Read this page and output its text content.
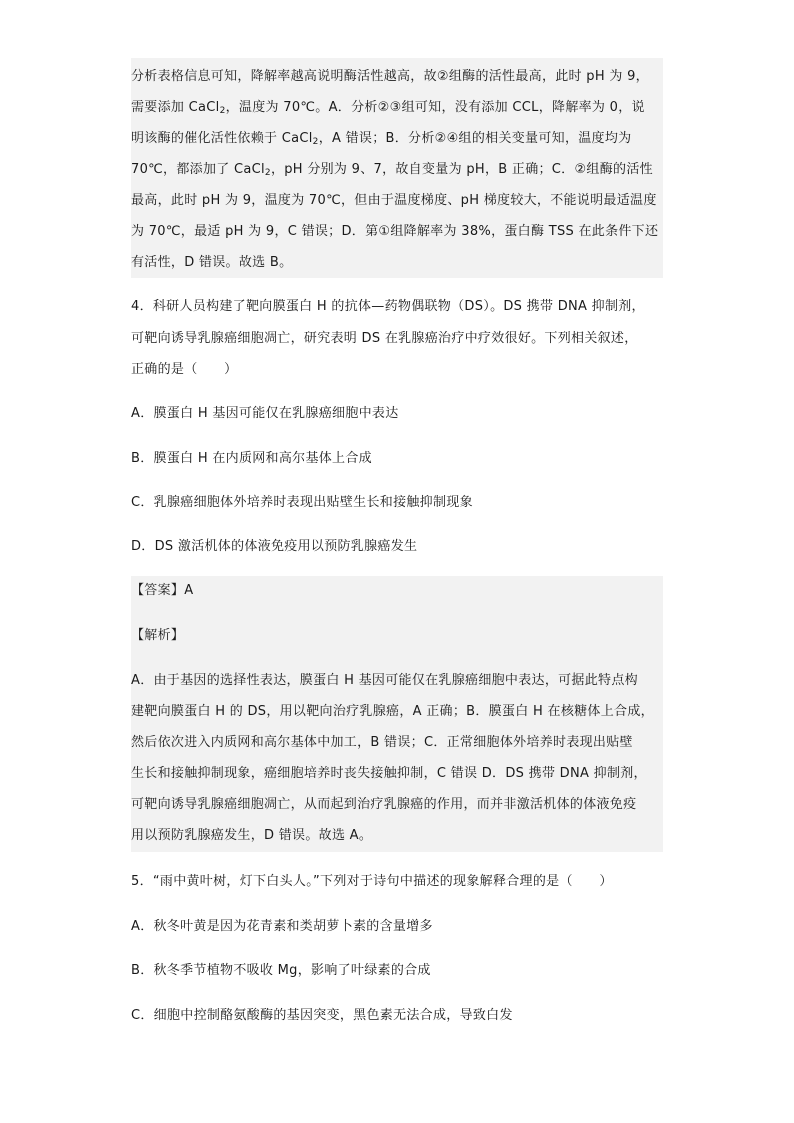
分析表格信息可知，降解率越高说明酶活性越高，故②组酶的活性最高，此时 pH 为 9，
需要添加 CaCl$_2$，温度为 70℃。A．分析②③组可知，没有添加 CCL，降解率为 0，说
明该酶的催化活性依赖于 CaCl$_2$，A 错误；B．分析②④组的相关变量可知，温度均为
70℃，都添加了 CaCl$_2$，pH 分别为 9、7，故自变量为 pH，B 正确；C．②组酶的活性
最高，此时 pH 为 9，温度为 70℃，但由于温度梯度、pH 梯度较大，不能说明最适温度
为 70℃，最适 pH 为 9，C 错误；D．第①组降解率为 38%，蛋白酶 TSS 在此条件下还
有活性，D 错误。故选 B。
4．科研人员构建了靶向膜蛋白 H 的抗体—药物偶联物（DS）。DS 携带 DNA 抑制剂，
可靶向诱导乳腺癌细胞凋亡，研究表明 DS 在乳腺癌治疗中疗效很好。下列相关叙述，
正确的是（　　）
A．膜蛋白 H 基因可能仅在乳腺癌细胞中表达
B．膜蛋白 H 在内质网和高尔基体上合成
C．乳腺癌细胞体外培养时表现出贴壁生长和接触抑制现象
D．DS 激活机体的体液免疫用以预防乳腺癌发生
【答案】A
【解析】
A．由于基因的选择性表达，膜蛋白 H 基因可能仅在乳腺癌细胞中表达，可据此特点构
建靶向膜蛋白 H 的 DS，用以靶向治疗乳腺癌，A 正确；B．膜蛋白 H 在核糖体上合成，
然后依次进入内质网和高尔基体中加工，B 错误；C．正常细胞体外培养时表现出贴壁
生长和接触抑制现象，癌细胞培养时丧失接触抑制，C 错误 D．DS 携带 DNA 抑制剂，
可靶向诱导乳腺癌细胞凋亡，从而起到治疗乳腺癌的作用，而并非激活机体的体液免疫
用以预防乳腺癌发生，D 错误。故选 A。
5．“雨中黄叶树，灯下白头人。”下列对于诗句中描述的现象解释合理的是（　　）
A．秋冬叶黄是因为花青素和类胡萝卜素的含量增多
B．秋冬季节植物不吸收 Mg，影响了叶绿素的合成
C．细胞中控制酪氨酸酶的基因突变，黑色素无法合成，导致白发
